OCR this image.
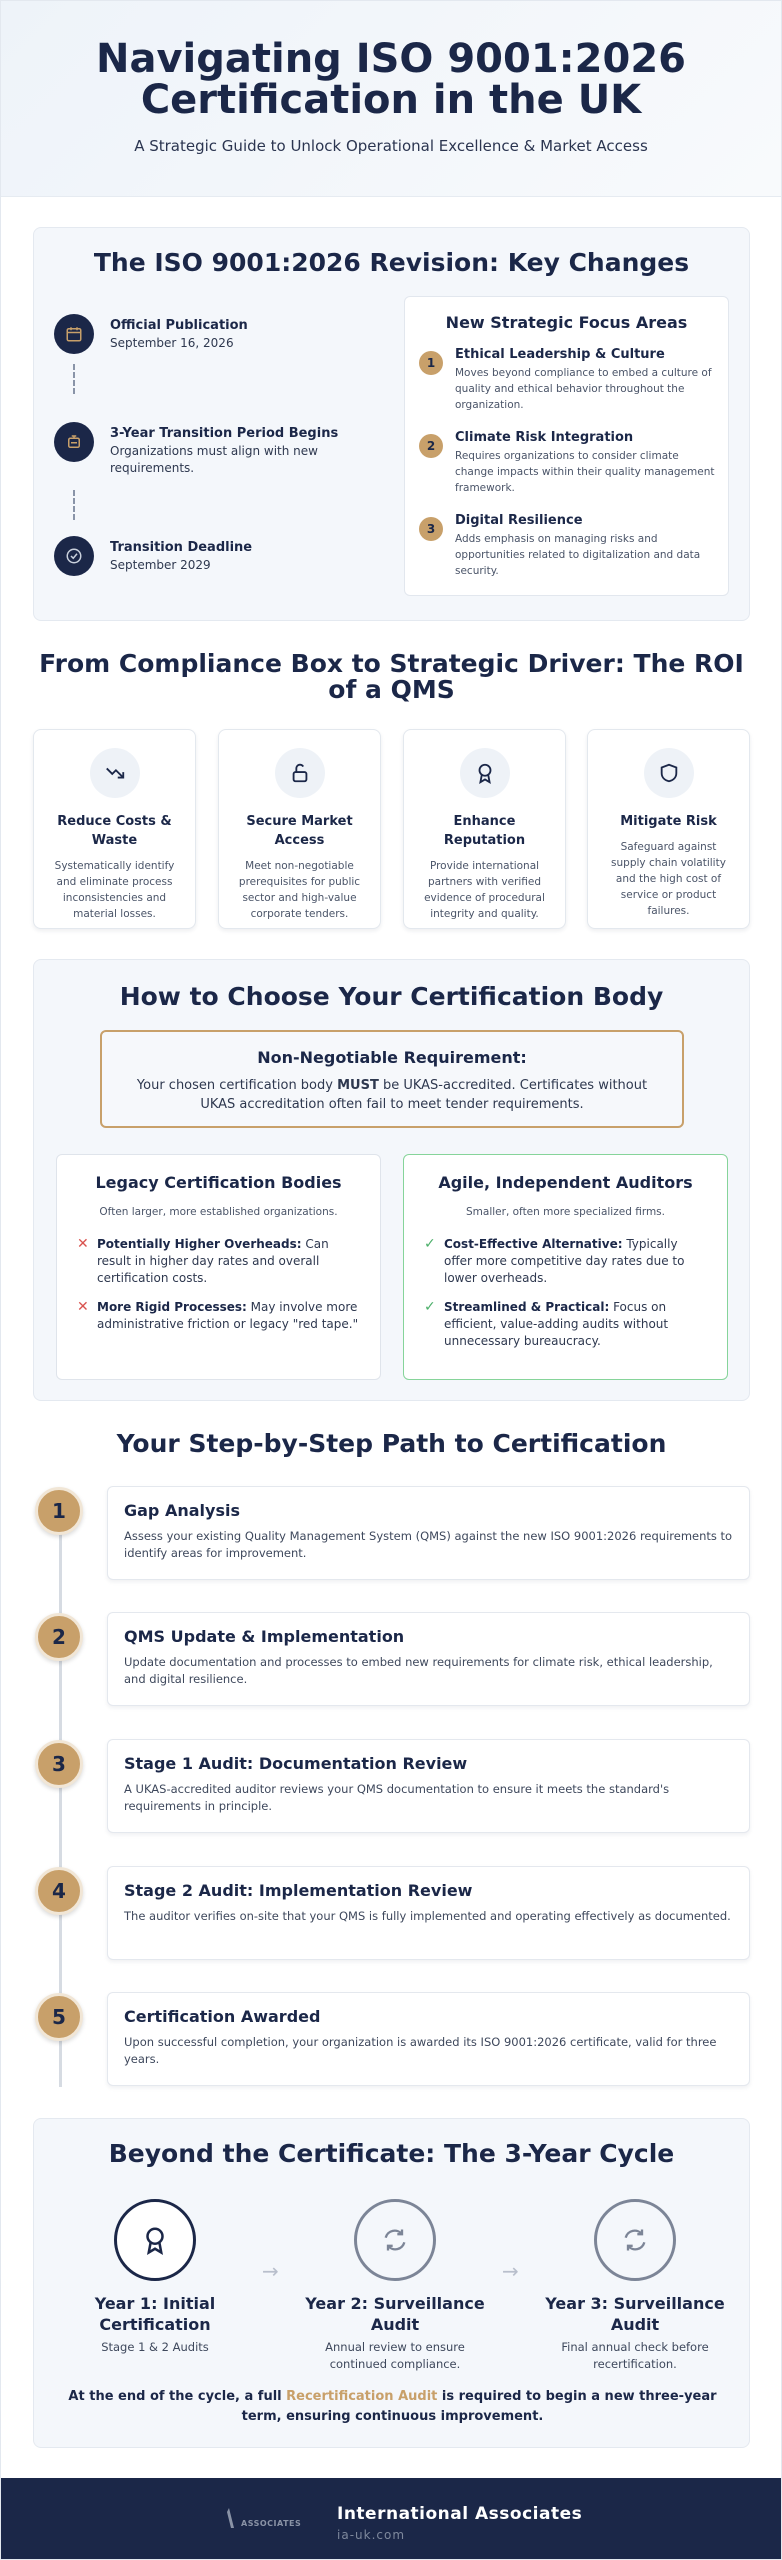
Navigating ISO 9001:2026
Certification in the UK

A Strategic Guide to Unlock Operational Excellence & Market Access

The ISO 9001:2026 Revision: Key Changes
Official Publication
September 16, 2026
3-Year Transition Period Begins
Organizations must align with new requirements.
Transition Deadline
September 2029
New Strategic Focus Areas
1
Ethical Leadership & Culture
Moves beyond compliance to embed a culture of quality and ethical behavior throughout the organization.
2
Climate Risk Integration
Requires organizations to consider climate change impacts within their quality management framework.
3
Digital Resilience
Adds emphasis on managing risks and opportunities related to digitalization and data security.
From Compliance Box to Strategic Driver: The ROI of a QMS
Reduce Costs & Waste
Systematically identify and eliminate process inconsistencies and material losses.
Secure Market Access
Meet non-negotiable prerequisites for public sector and high-value corporate tenders.
Enhance Reputation
Provide international partners with verified evidence of procedural integrity and quality.
Mitigate Risk
Safeguard against supply chain volatility and the high cost of service or product failures.
How to Choose Your Certification Body
Non-Negotiable Requirement:
Your chosen certification body MUST be UKAS-accredited. Certificates without UKAS accreditation often fail to meet tender requirements.
Legacy Certification Bodies
Often larger, more established organizations.
✕ Potentially Higher Overheads: Can result in higher day rates and overall certification costs.
✕ More Rigid Processes: May involve more administrative friction or legacy "red tape."
Agile, Independent Auditors
Smaller, often more specialized firms.
✓ Cost-Effective Alternative: Typically offer more competitive day rates due to lower overheads.
✓ Streamlined & Practical: Focus on efficient, value-adding audits without unnecessary bureaucracy.
Your Step-by-Step Path to Certification
1	Gap Analysis
Assess your existing Quality Management System (QMS) against the new ISO 9001:2026 requirements to identify areas for improvement.
2	QMS Update & Implementation
Update documentation and processes to embed new requirements for climate risk, ethical leadership, and digital resilience.
3	Stage 1 Audit: Documentation Review
A UKAS-accredited auditor reviews your QMS documentation to ensure it meets the standard's requirements in principle.
4	Stage 2 Audit: Implementation Review
The auditor verifies on-site that your QMS is fully implemented and operating effectively as documented.
5	Certification Awarded
Upon successful completion, your organization is awarded its ISO 9001:2026 certificate, valid for three years.
Beyond the Certificate: The 3-Year Cycle
Year 1: Initial Certification
Stage 1 & 2 Audits
→
Year 2: Surveillance Audit
Annual review to ensure continued compliance.
→
Year 3: Surveillance Audit
Final annual check before recertification.
At the end of the cycle, a full Recertification Audit is required to begin a new three-year term, ensuring continuous improvement.
ASSOCIATES International Associates
ia-uk.com
